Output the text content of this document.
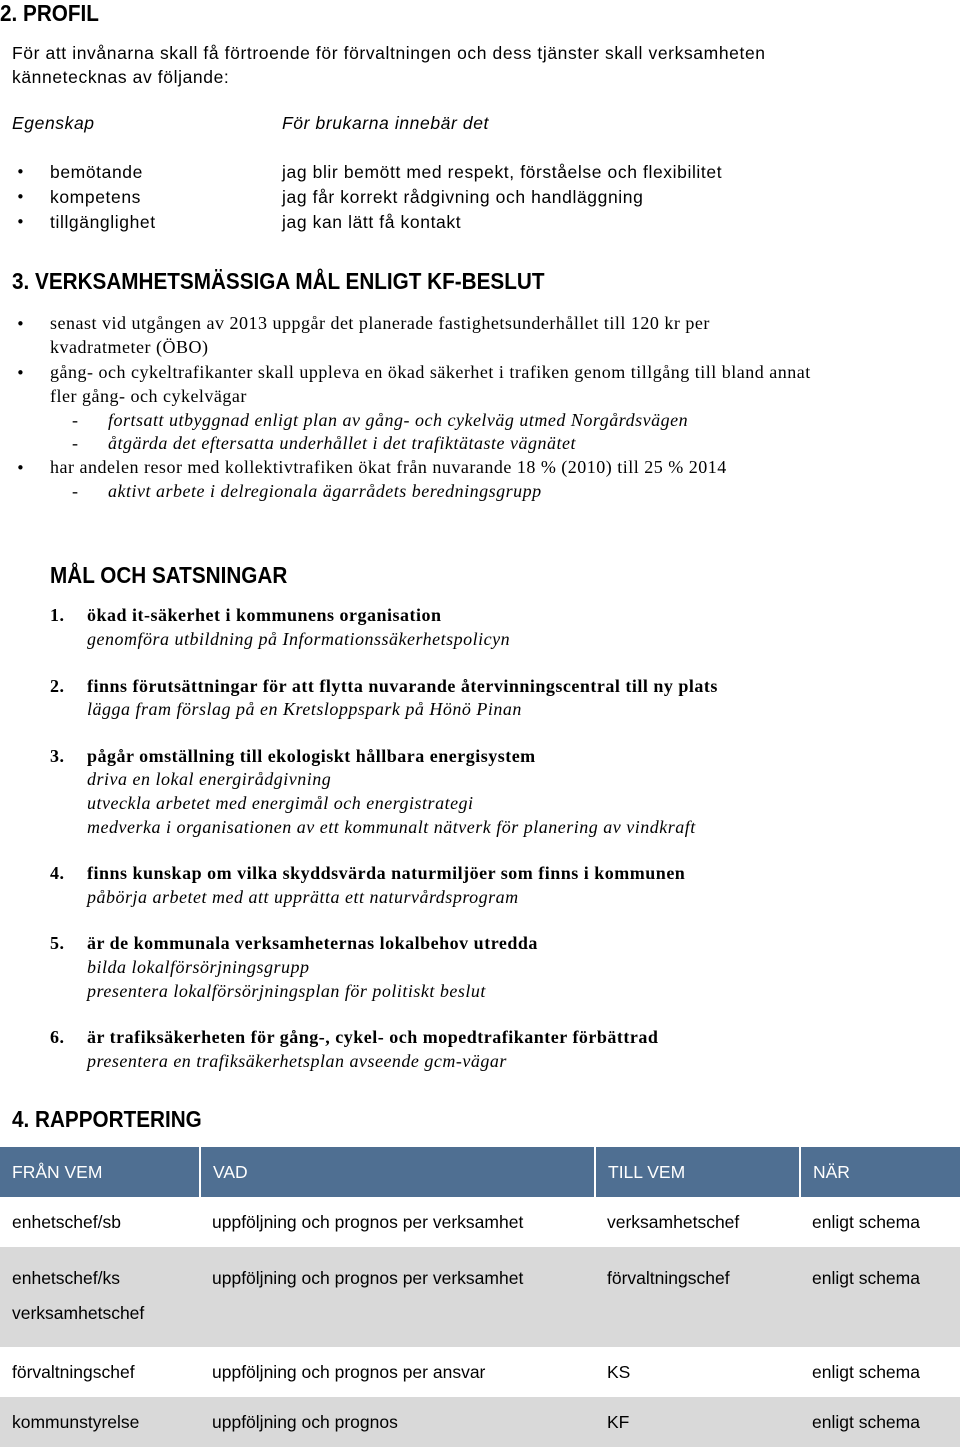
2. PROFIL
För att invånarna skall få förtroende för förvaltningen och dess tjänster skall verksamheten
kännetecknas av följande:
Egenskap	För brukarna innebär det
•
bemötande	jag blir bemött med respekt, förståelse och flexibilitet
•
kompetens	jag får korrekt rådgivning och handläggning
•
tillgänglighet	jag kan lätt få kontakt
3. VERKSAMHETSMÄSSIGA MÅL ENLIGT KF-BESLUT
•
senast vid utgången av 2013 uppgår det planerade fastighetsunderhållet till 120 kr per
kvadratmeter (ÖBO)
•
gång- och cykeltrafikanter skall uppleva en ökad säkerhet i trafiken genom tillgång till bland annat
fler gång- och cykelvägar
- fortsatt utbyggnad enligt plan av gång- och cykelväg utmed Norgårdsvägen
- åtgärda det eftersatta underhållet i det trafiktätaste vägnätet
•
har andelen resor med kollektivtrafiken ökat från nuvarande 18 % (2010) till 25 % 2014
- aktivt arbete i delregionala ägarrådets beredningsgrupp
MÅL OCH SATSNINGAR
1. ökad it-säkerhet i kommunens organisation
genomföra utbildning på Informationssäkerhetspolicyn
2. finns förutsättningar för att flytta nuvarande återvinningscentral till ny plats
lägga fram förslag på en Kretsloppspark på Hönö Pinan
3. pågår omställning till ekologiskt hållbara energisystem
driva en lokal energirådgivning
utveckla arbetet med energimål och energistrategi
medverka i organisationen av ett kommunalt nätverk för planering av vindkraft
4. finns kunskap om vilka skyddsvärda naturmiljöer som finns i kommunen
påbörja arbetet med att upprätta ett naturvårdsprogram
5. är de kommunala verksamheternas lokalbehov utredda
bilda lokalförsörjningsgrupp
presentera lokalförsörjningsplan för politiskt beslut
6. är trafiksäkerheten för gång-, cykel- och mopedtrafikanter förbättrad
presentera en trafiksäkerhetsplan avseende gcm-vägar
4. RAPPORTERING
FRÅN VEM	VAD	TILL VEM	NÄR
enhetschef/sb	uppföljning och prognos per verksamhet	verksamhetschef	enligt schema

enhetschef/ks
verksamhetschef	uppföljning och prognos per verksamhet	förvaltningschef	enligt schema
förvaltningschef	uppföljning och prognos per ansvar	KS	enligt schema
kommunstyrelse	uppföljning och prognos	KF	enligt schema
